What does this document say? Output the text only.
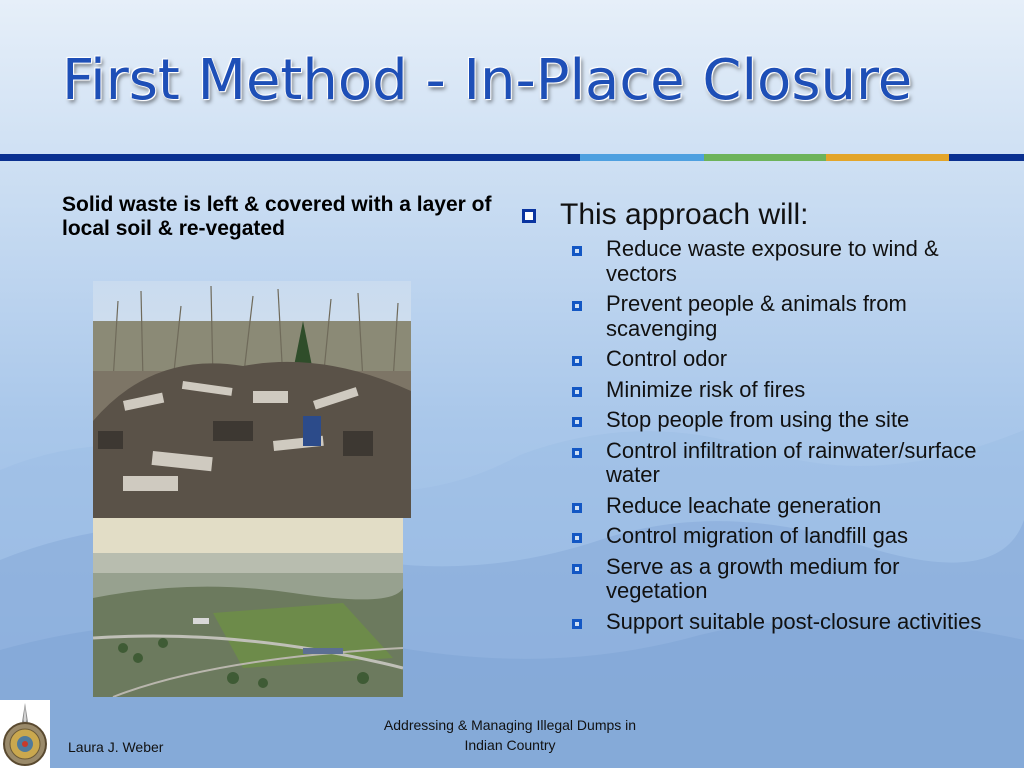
First Method - In-Place Closure

Solid waste is left & covered with a layer of local soil & re-vegated	This approach will:
Reduce waste exposure to wind & vectors
Prevent people & animals from scavenging
Control odor
Minimize risk of fires
Stop people from using the site
Control infiltration of rainwater/surface water
Reduce leachate generation
Control migration of landfill gas
Serve as a growth medium for vegetation
Support suitable post-closure activities
Laura J. Weber
Addressing & Managing Illegal Dumps in
Indian Country
